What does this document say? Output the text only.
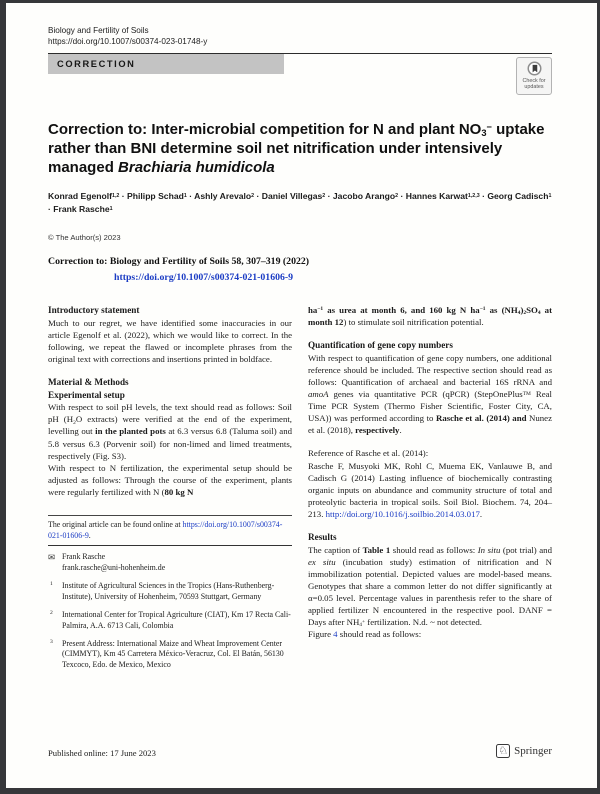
Biology and Fertility of Soils
https://doi.org/10.1007/s00374-023-01748-y
CORRECTION
Check for
updates
Correction to: Inter-microbial competition for N and plant NO3− uptake rather than BNI determine soil net nitrification under intensively managed Brachiaria humidicola
Konrad Egenolf$^{1,2}$ · Philipp Schad$^1$ · Ashly Arevalo$^2$ · Daniel Villegas$^2$ · Jacobo Arango$^2$ · Hannes Karwat$^{1,2,3}$ · Georg Cadisch$^1$ · Frank Rasche$^1$
© The Author(s) 2023
Correction to: Biology and Fertility of Soils 58, 307–319 (2022)
https://doi.org/10.1007/s00374-021-01606-9
Introductory statement

Much to our regret, we have identified some inaccuracies in our article Egenolf et al. (2022), which we would like to correct. In the following, we repeat the flawed or incomplete phrases from the original text with corrections and insertions printed in boldface.

Material & Methods
Experimental setup

With respect to soil pH levels, the text should read as follows: Soil pH (H2O extracts) were verified at the end of the experiment, levelling out in the planted pots at 6.3 versus 6.8 (Taluma soil) and 5.8 versus 6.3 (Porvenir soil) for non-limed and limed treatments, respectively (Fig. S3).

With respect to N fertilization, the experimental setup should be adjusted as follows: Through the course of the experiment, plants were regularly fertilized with N (80 kg N

The original article can be found online at https://doi.org/10.1007/s00374-021-01606-9.

✉ Frank Rasche
frank.rasche@uni-hohenheim.de
1	Institute of Agricultural Sciences in the Tropics (Hans-Ruthenberg-Institute), University of Hohenheim, 70593 Stuttgart, Germany
2	International Center for Tropical Agriculture (CIAT), Km 17 Recta Cali-Palmira, A.A. 6713 Cali, Colombia
3	Present Address: International Maize and Wheat Improvement Center (CIMMYT), Km 45 Carretera México-Veracruz, Col. El Batán, 56130 Texcoco, Edo. de Mexico, Mexico

$ha^{-1}$ as urea at month 6, and 160 kg N $ha^{-1}$ as (NH4)2SO4 at month 12) to stimulate soil nitrification potential.

Quantification of gene copy numbers

With respect to quantification of gene copy numbers, one additional reference should be included. The respective section should read as follows: Quantification of archaeal and bacterial 16S rRNA and amoA genes via quantitative PCR (qPCR) (StepOnePlus™ Real Time PCR System (Thermo Fisher Scientific, Foster City, CA, USA)) was performed according to Rasche et al. (2014) and Nunez et al. (2018), respectively.

Reference of Rasche et al. (2014):

Rasche F, Musyoki MK, Rohl C, Muema EK, Vanlauwe B, and Cadisch G (2014) Lasting influence of biochemically contrasting organic inputs on abundance and community structure of total and proteolytic bacteria in tropical soils. Soil Biol. Biochem. 74, 204–213. http://doi.org/10.1016/j.soilbio.2014.03.017.

Results

The caption of Table 1 should read as follows: In situ (pot trial) and ex situ (incubation study) estimation of nitrification and N immobilization potential. Depicted values are model-based means. Genotypes that share a common letter do not differ significantly at α=0.05 level. Percentage values in parenthesis refer to the share of applied fertilizer N encountered in the respective pool. DANF = Days after NH4+ fertilization. N.d. ~ not detected.

Figure 4 should read as follows:

Published online: 17 June 2023	♘ Springer
